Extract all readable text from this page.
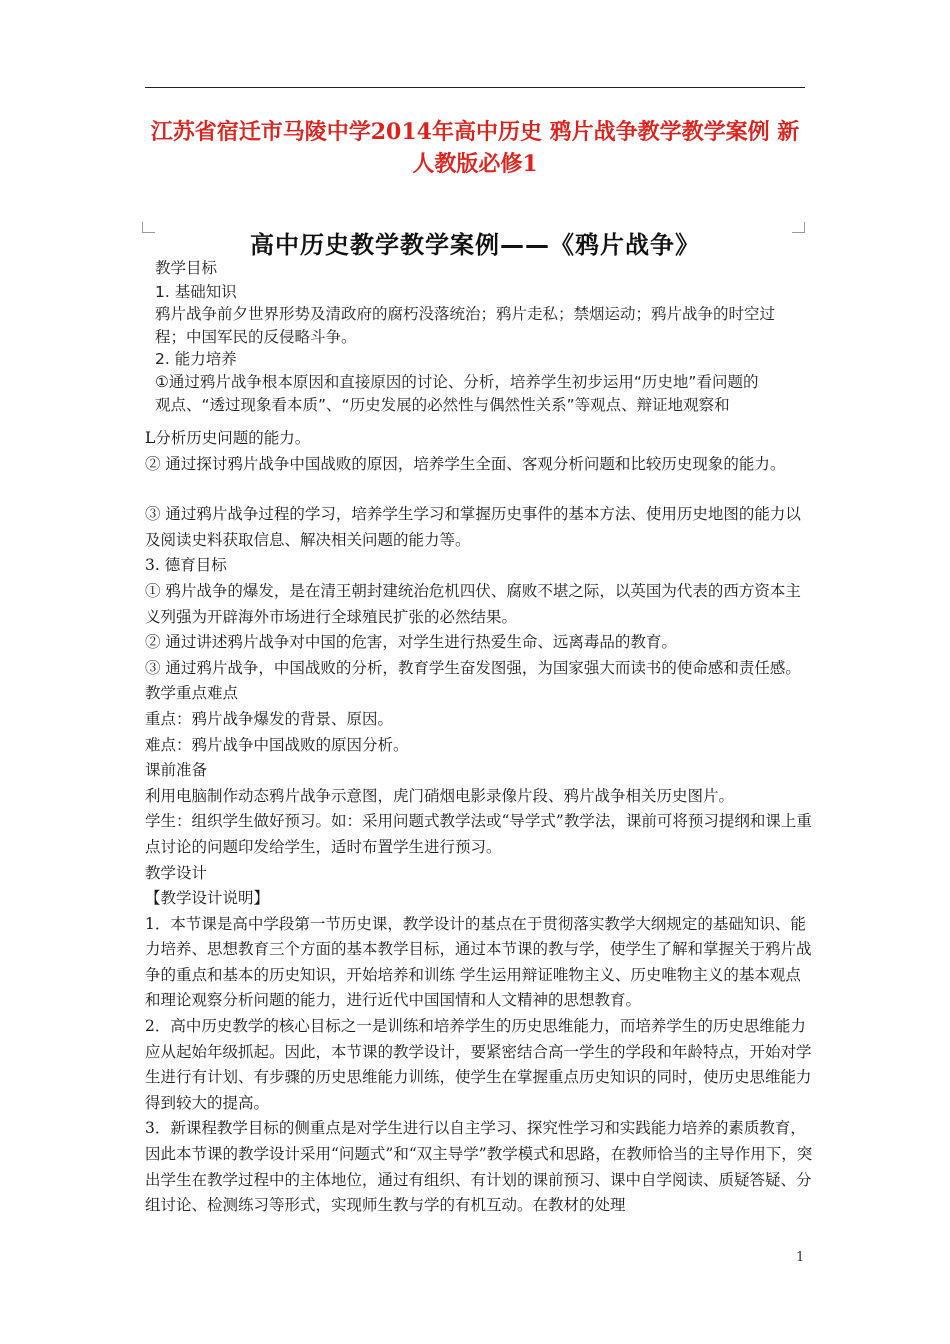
江苏省宿迁市马陵中学2014年高中历史 鸦片战争教学教学案例 新
人教版必修1
高中历史教学教学案例——《鸦片战争》
教学目标
1. 基础知识
鸦片战争前夕世界形势及清政府的腐朽没落统治；鸦片走私；禁烟运动；鸦片战争的时空过
程；中国军民的反侵略斗争。
2. 能力培养
①通过鸦片战争根本原因和直接原因的讨论、分析，培养学生初步运用“历史地”看问题的
观点、“透过现象看本质”、“历史发展的必然性与偶然性关系”等观点、辩证地观察和

L分析历史问题的能力。

② 通过探讨鸦片战争中国战败的原因，培养学生全面、客观分析问题和比较历史现象的能力。

③ 通过鸦片战争过程的学习，培养学生学习和掌握历史事件的基本方法、使用历史地图的能力以及阅读史料获取信息、解决相关问题的能力等。

3. 德育目标

① 鸦片战争的爆发，是在清王朝封建统治危机四伏、腐败不堪之际，以英国为代表的西方资本主义列强为开辟海外市场进行全球殖民扩张的必然结果。

② 通过讲述鸦片战争对中国的危害，对学生进行热爱生命、远离毒品的教育。

③ 通过鸦片战争，中国战败的分析，教育学生奋发图强，为国家强大而读书的使命感和责任感。

教学重点难点

重点：鸦片战争爆发的背景、原因。

难点：鸦片战争中国战败的原因分析。

课前准备

利用电脑制作动态鸦片战争示意图，虎门硝烟电影录像片段、鸦片战争相关历史图片。

学生：组织学生做好预习。如：采用问题式教学法或“导学式”教学法，课前可将预习提纲和课上重点讨论的问题印发给学生，适时布置学生进行预习。

教学设计

【教学设计说明】

1．本节课是高中学段第一节历史课，教学设计的基点在于贯彻落实教学大纲规定的基础知识、能力培养、思想教育三个方面的基本教学目标，通过本节课的教与学，使学生了解和掌握关于鸦片战争的重点和基本的历史知识，开始培养和训练 学生运用辩证唯物主义、历史唯物主义的基本观点和理论观察分析问题的能力，进行近代中国国情和人文精神的思想教育。

2．高中历史教学的核心目标之一是训练和培养学生的历史思维能力，而培养学生的历史思维能力应从起始年级抓起。因此，本节课的教学设计，要紧密结合高一学生的学段和年龄特点，开始对学生进行有计划、有步骤的历史思维能力训练，使学生在掌握重点历史知识的同时，使历史思维能力得到较大的提高。

3．新课程教学目标的侧重点是对学生进行以自主学习、探究性学习和实践能力培养的素质教育，因此本节课的教学设计采用“问题式”和“双主导学”教学模式和思路，在教师恰当的主导作用下，突出学生在教学过程中的主体地位，通过有组织、有计划的课前预习、课中自学阅读、质疑答疑、分组讨论、检测练习等形式，实现师生教与学的有机互动。在教材的处理

1
